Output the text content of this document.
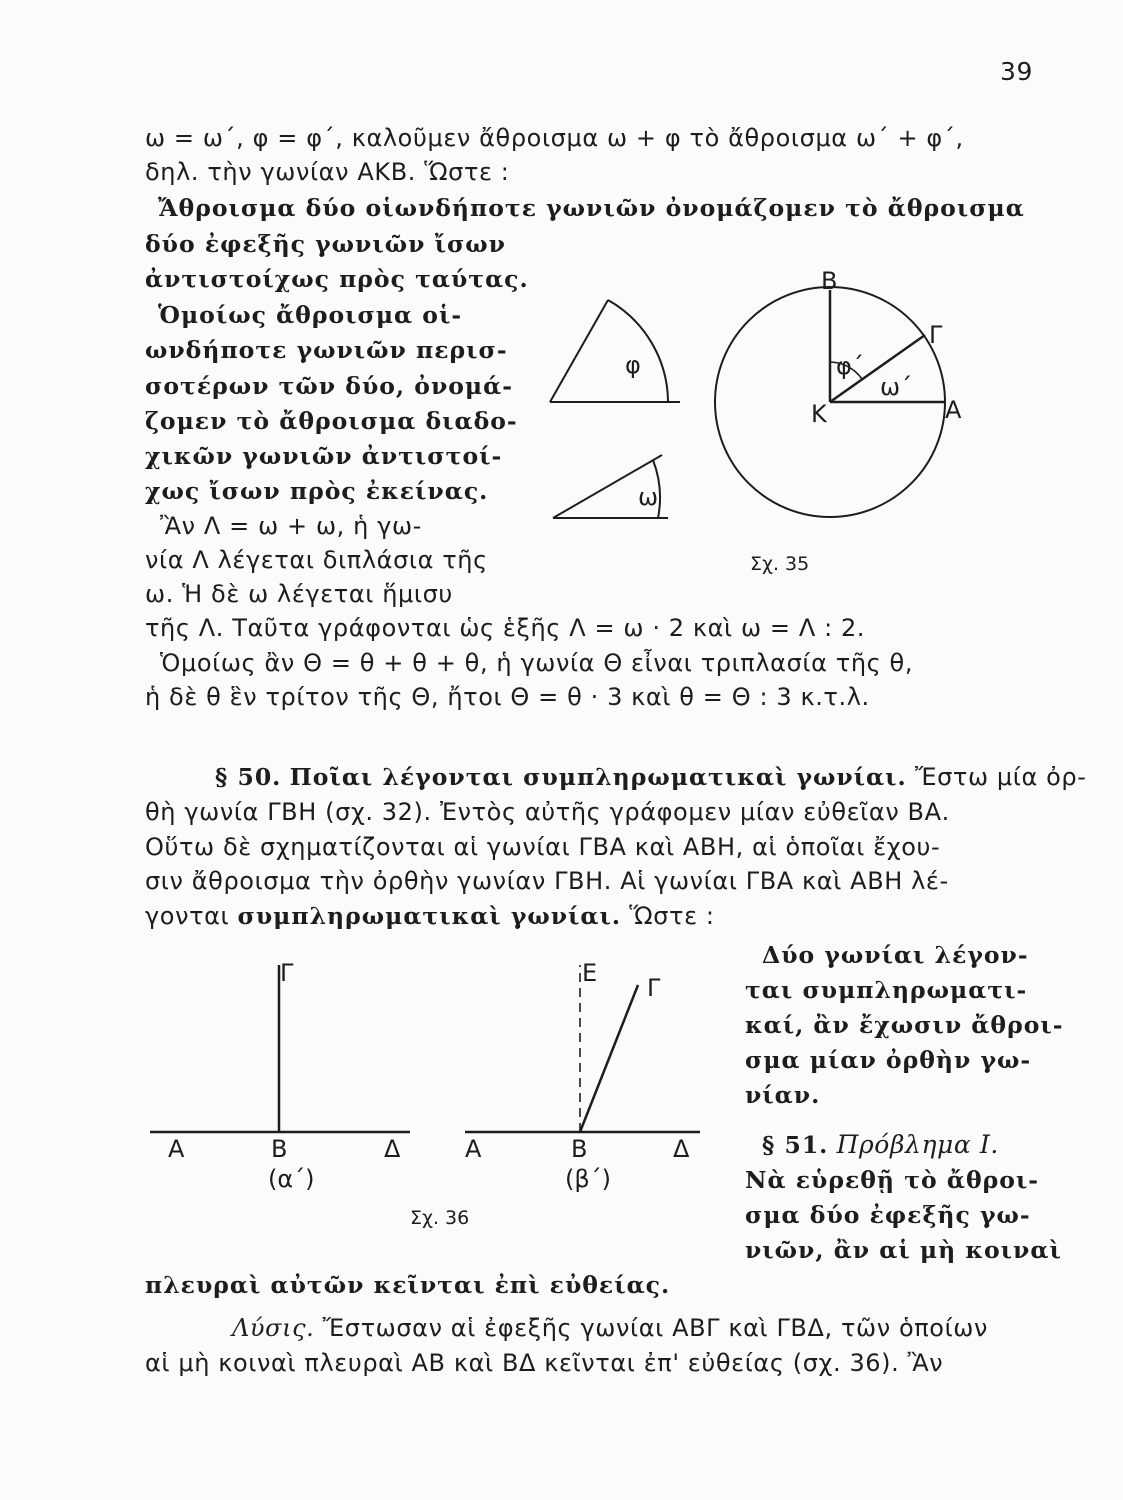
39
ω = ω΄, φ = φ΄, καλοῦμεν ἄθροισμα ω + φ τὸ ἄθροισμα ω΄ + φ΄,
δηλ. τὴν γωνίαν ΑΚΒ. Ὥστε :
Ἄθροισμα δύο οἱωνδήποτε γωνιῶν ὀνομάζομεν τὸ ἄθροισμα
δύο ἐφεξῆς γωνιῶν ἴσων
ἀντιστοίχως πρὸς ταύτας.
Ὁμοίως ἄθροισμα οἱ-
ωνδήποτε γωνιῶν περισ-
σοτέρων τῶν δύο, ὀνομά-
ζομεν τὸ ἄθροισμα διαδο-
χικῶν γωνιῶν ἀντιστοί-
χως ἴσων πρὸς ἐκείνας.
Ἂν Λ = ω + ω, ἡ γω-
νία Λ λέγεται διπλάσια τῆς
ω. Ἡ δὲ ω λέγεται ἥμισυ
τῆς Λ. Ταῦτα γράφονται ὡς ἑξῆς Λ = ω · 2 καὶ ω = Λ : 2.
Ὁμοίως ἂν Θ = θ + θ + θ, ἡ γωνία Θ εἶναι τριπλασία τῆς θ,
ἡ δὲ θ ἓν τρίτον τῆς Θ, ἤτοι Θ = θ · 3 καὶ θ = Θ : 3 κ.τ.λ.
φ
ω
Β
Γ
φ΄
ω΄
Κ	Α
Σχ. 35
§ 50. Ποῖαι λέγονται συμπληρωματικαὶ γωνίαι. Ἔστω μία ὀρ-
θὴ γωνία ΓΒΗ (σχ. 32). Ἐντὸς αὐτῆς γράφομεν μίαν εὐθεῖαν ΒΑ.
Οὕτω δὲ σχηματίζονται αἱ γωνίαι ΓΒΑ καὶ ΑΒΗ, αἱ ὁποῖαι ἔχου-
σιν ἄθροισμα τὴν ὀρθὴν γωνίαν ΓΒΗ. Αἱ γωνίαι ΓΒΑ καὶ ΑΒΗ λέ-
γονται συμπληρωματικαὶ γωνίαι. Ὥστε :
Δύο γωνίαι λέγον-
ται συμπληρωματι-
καί, ἂν ἔχωσιν ἄθροι-
σμα μίαν ὀρθὴν γω-
νίαν.
Γ
Α	Β	Δ
(α΄)
Ε
Γ
Α	Β	Δ
(β΄)
Σχ. 36
§ 51. Πρόβλημα Ι.
Νὰ εὑρεθῇ τὸ ἄθροι-
σμα δύο ἐφεξῆς γω-
νιῶν, ἂν αἱ μὴ κοιναὶ
πλευραὶ αὐτῶν κεῖνται ἐπὶ εὐθείας.
Λύσις. Ἔστωσαν αἱ ἐφεξῆς γωνίαι ΑΒΓ καὶ ΓΒΔ, τῶν ὁποίων
αἱ μὴ κοιναὶ πλευραὶ ΑΒ καὶ ΒΔ κεῖνται ἐπ' εὐθείας (σχ. 36). Ἂν
